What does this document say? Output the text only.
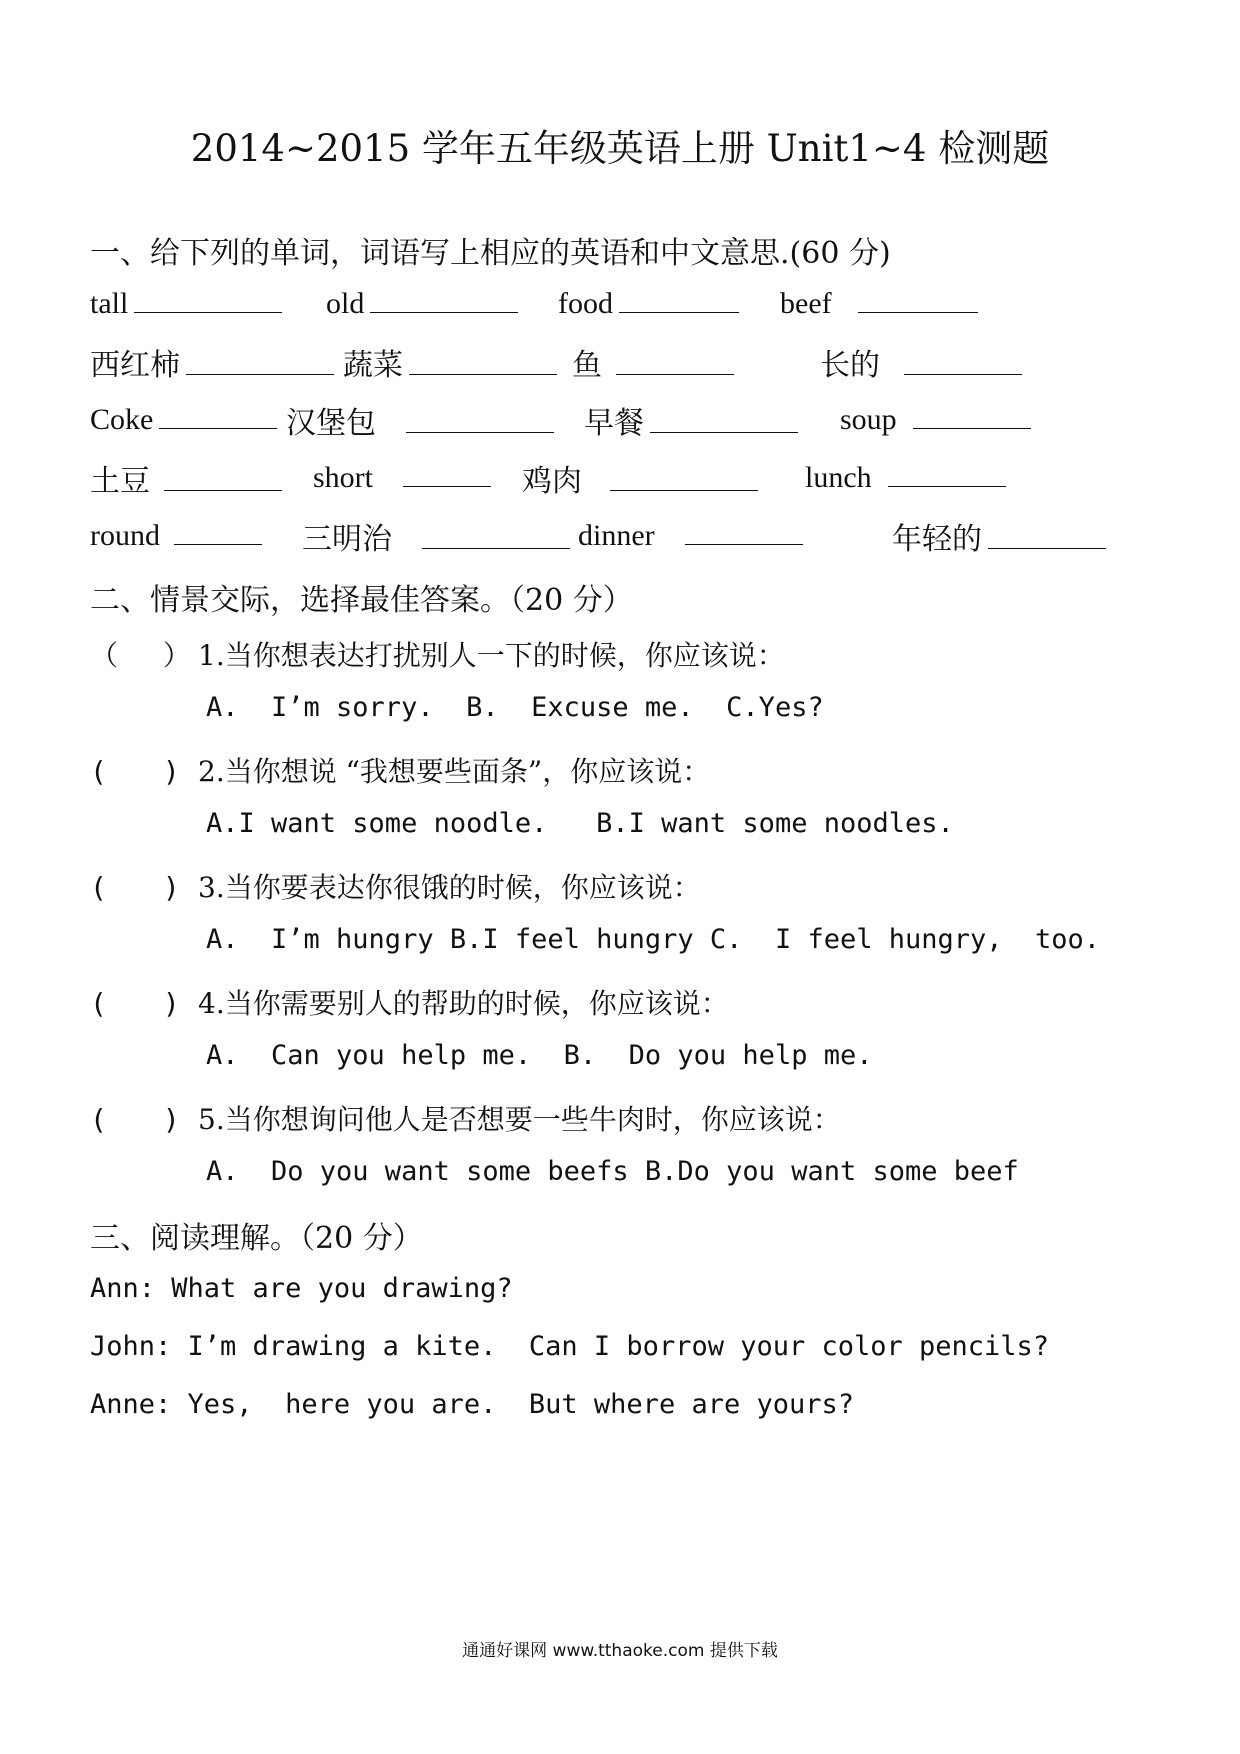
2014~2015 学年五年级英语上册 Unit1~4 检测题
一、给下列的单词，词语写上相应的英语和中文意思.(60 分)
tall	old	food	beef
西红柿	蔬菜	鱼	长的
Coke	汉堡包	早餐	soup
土豆	short	鸡肉	lunch
round	三明治	dinner	年轻的
二、情景交际，选择最佳答案。（20 分）
（　 ） 1.当你想表达打扰别人一下的时候，你应该说：
A.  I’m sorry.  B.  Excuse me.  C.Yes?
(　　) 2.当你想说 “我想要些面条”，你应该说：
A.I want some noodle.   B.I want some noodles.
(　　) 3.当你要表达你很饿的时候，你应该说：
A.  I’m hungry B.I feel hungry C.  I feel hungry,  too.
(　　) 4.当你需要别人的帮助的时候，你应该说：
A.  Can you help me.  B.  Do you help me.
(　　) 5.当你想询问他人是否想要一些牛肉时，你应该说：
A.  Do you want some beefs B.Do you want some beef
三、阅读理解。（20 分）
Ann: What are you drawing?
John: I’m drawing a kite.  Can I borrow your color pencils?
Anne: Yes,  here you are.  But where are yours?
通通好课网 www.tthaoke.com 提供下载
